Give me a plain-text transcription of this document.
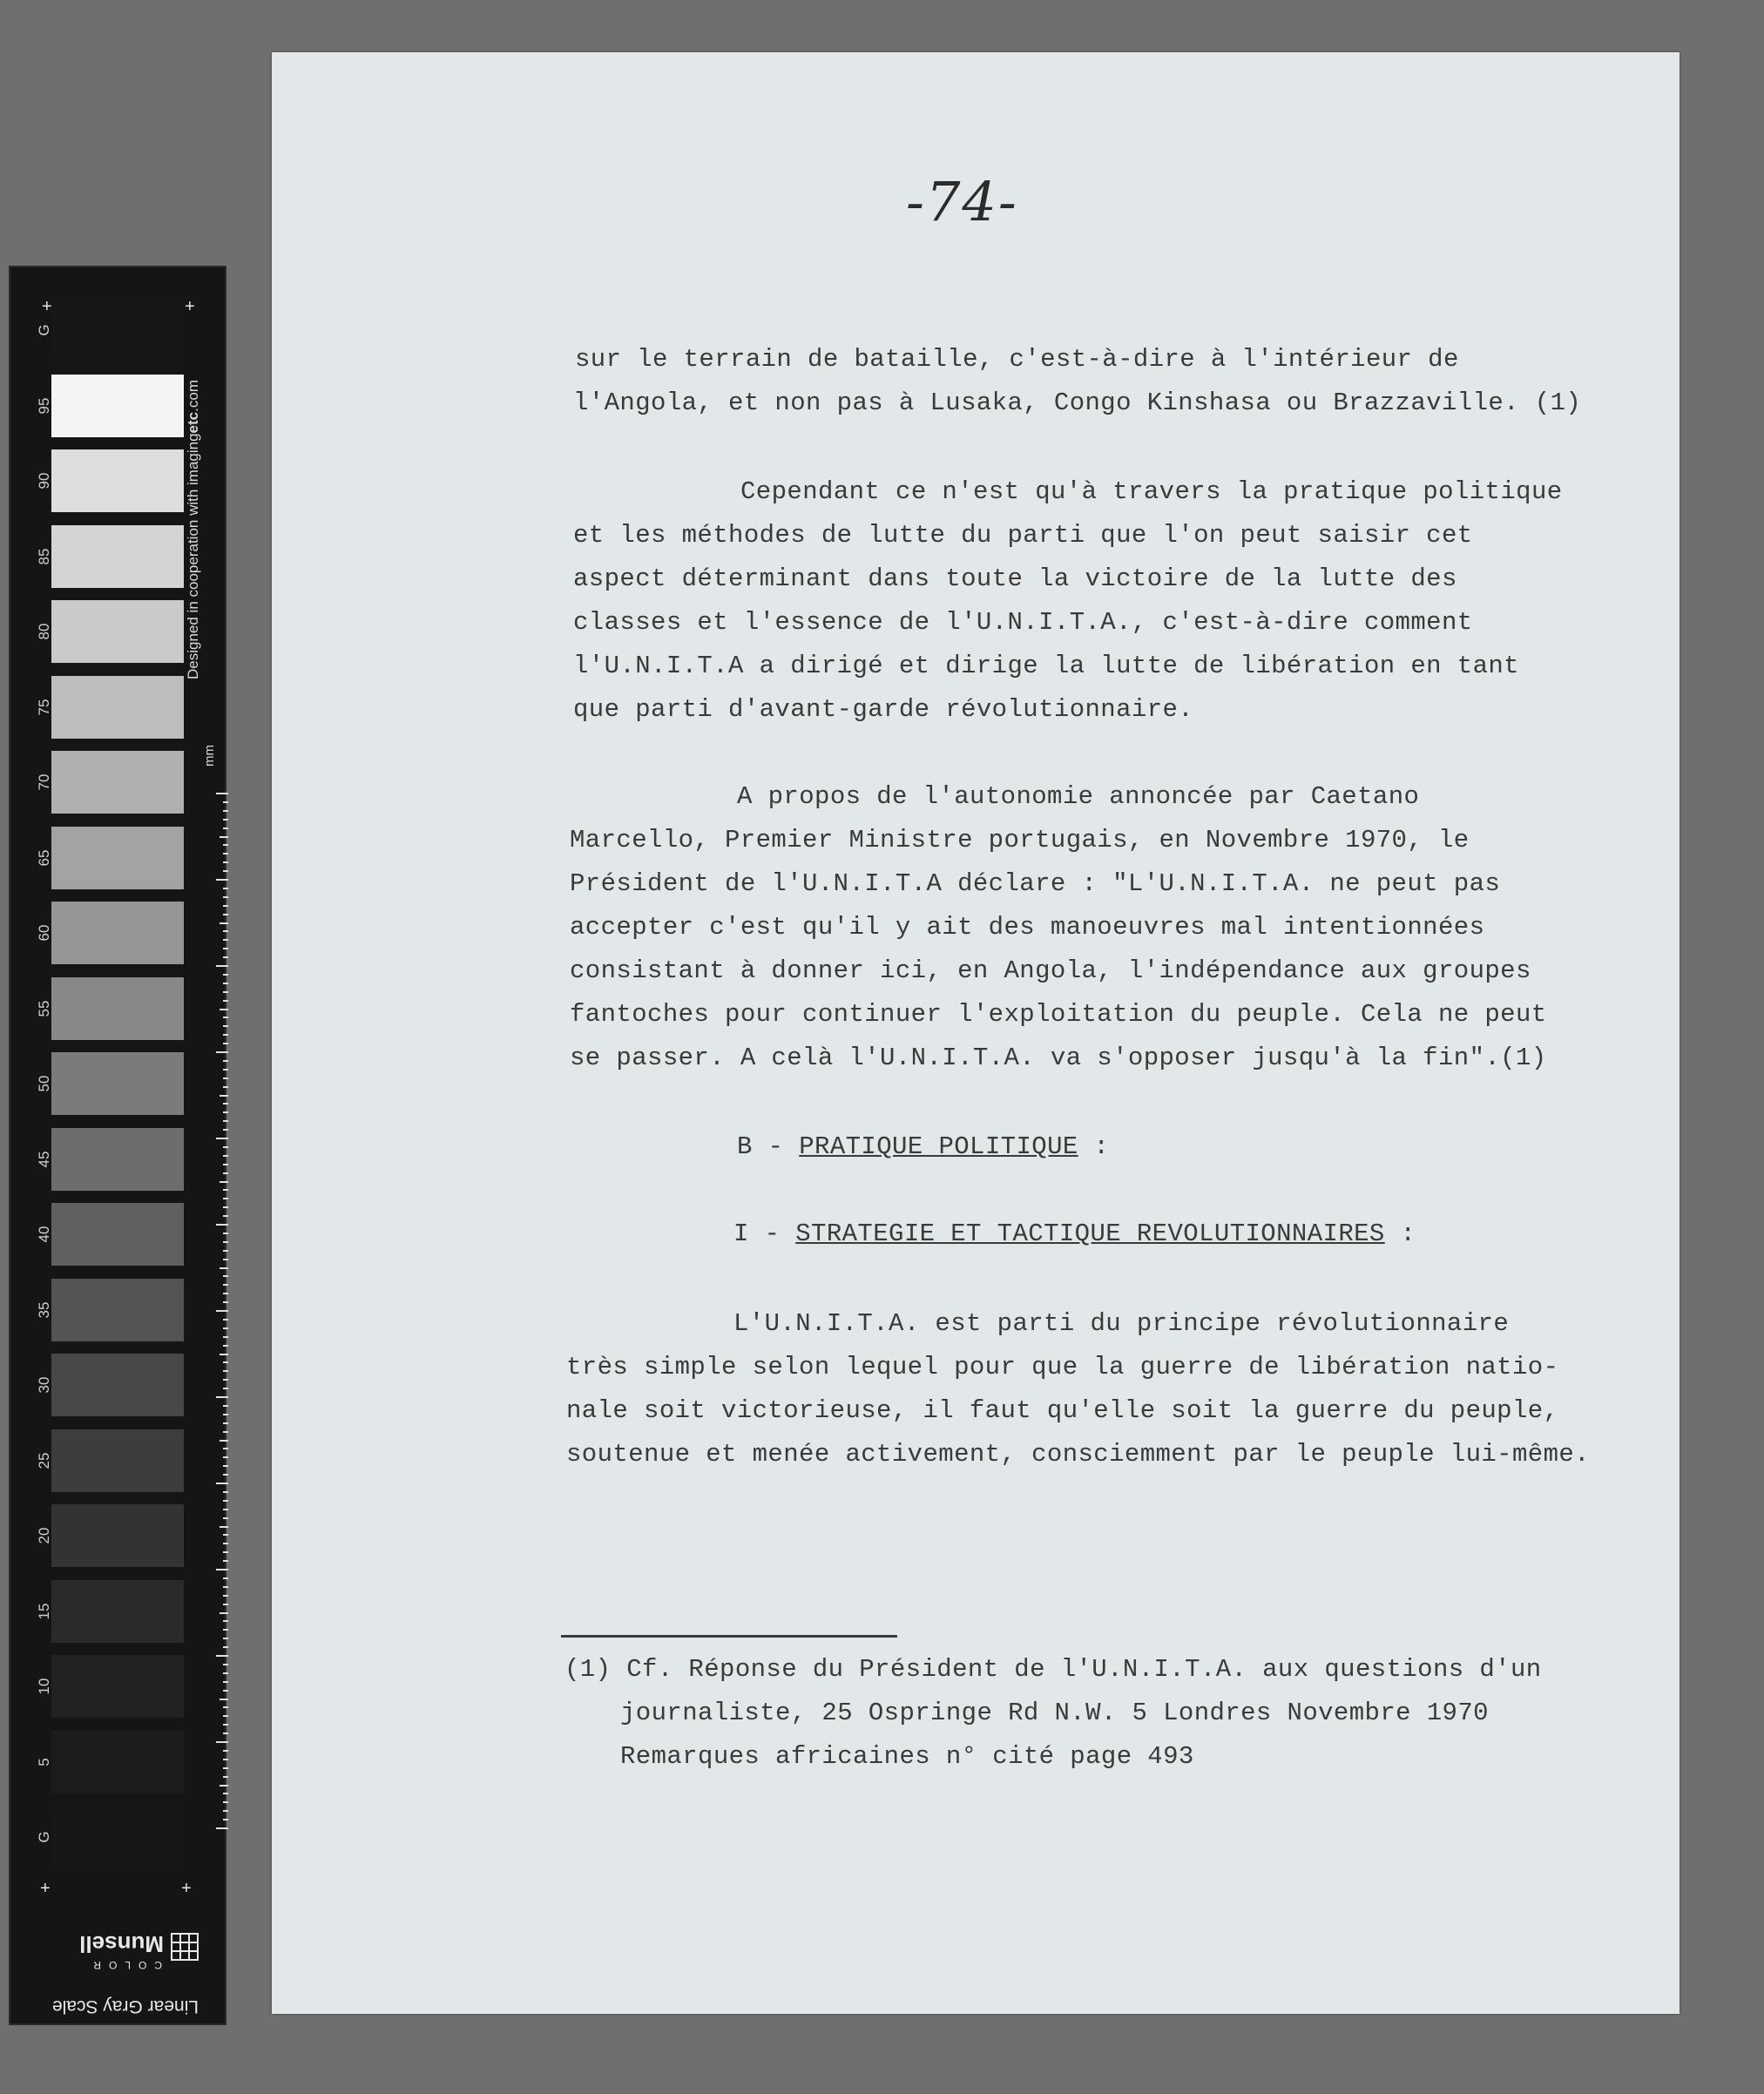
G
95
90
85
80
75
70
65
60
55
50
45
40
35
30
25
20
15
10
5
G
+	+
+	+
Designed in cooperation with imagingetc.com
mm
Linear Gray Scale
COLOR
Munsell
-74-
sur le terrain de bataille, c'est-à-dire à l'intérieur de
l'Angola, et non pas à Lusaka, Congo Kinshasa ou Brazzaville. (1)
Cependant ce n'est qu'à travers la pratique politique
et les méthodes de lutte du parti que l'on peut saisir cet
aspect déterminant dans toute la victoire de la lutte des
classes et l'essence de l'U.N.I.T.A., c'est-à-dire comment
l'U.N.I.T.A a dirigé et dirige la lutte de libération en tant
que parti d'avant-garde révolutionnaire.
A propos de l'autonomie annoncée par Caetano
Marcello, Premier Ministre portugais, en Novembre 1970, le
Président de l'U.N.I.T.A déclare : "L'U.N.I.T.A. ne peut pas
accepter c'est qu'il y ait des manoeuvres mal intentionnées
consistant à donner ici, en Angola, l'indépendance aux groupes
fantoches pour continuer l'exploitation du peuple. Cela ne peut
se passer. A celà l'U.N.I.T.A. va s'opposer jusqu'à la fin".(1)
B - PRATIQUE POLITIQUE :
I - STRATEGIE ET TACTIQUE REVOLUTIONNAIRES :
L'U.N.I.T.A. est parti du principe révolutionnaire
très simple selon lequel pour que la guerre de libération natio-
nale soit victorieuse, il faut qu'elle soit la guerre du peuple,
soutenue et menée activement, consciemment par le peuple lui-même.
(1) Cf. Réponse du Président de l'U.N.I.T.A. aux questions d'un
journaliste, 25 Ospringe Rd N.W. 5 Londres Novembre 1970
Remarques africaines n° cité page 493
